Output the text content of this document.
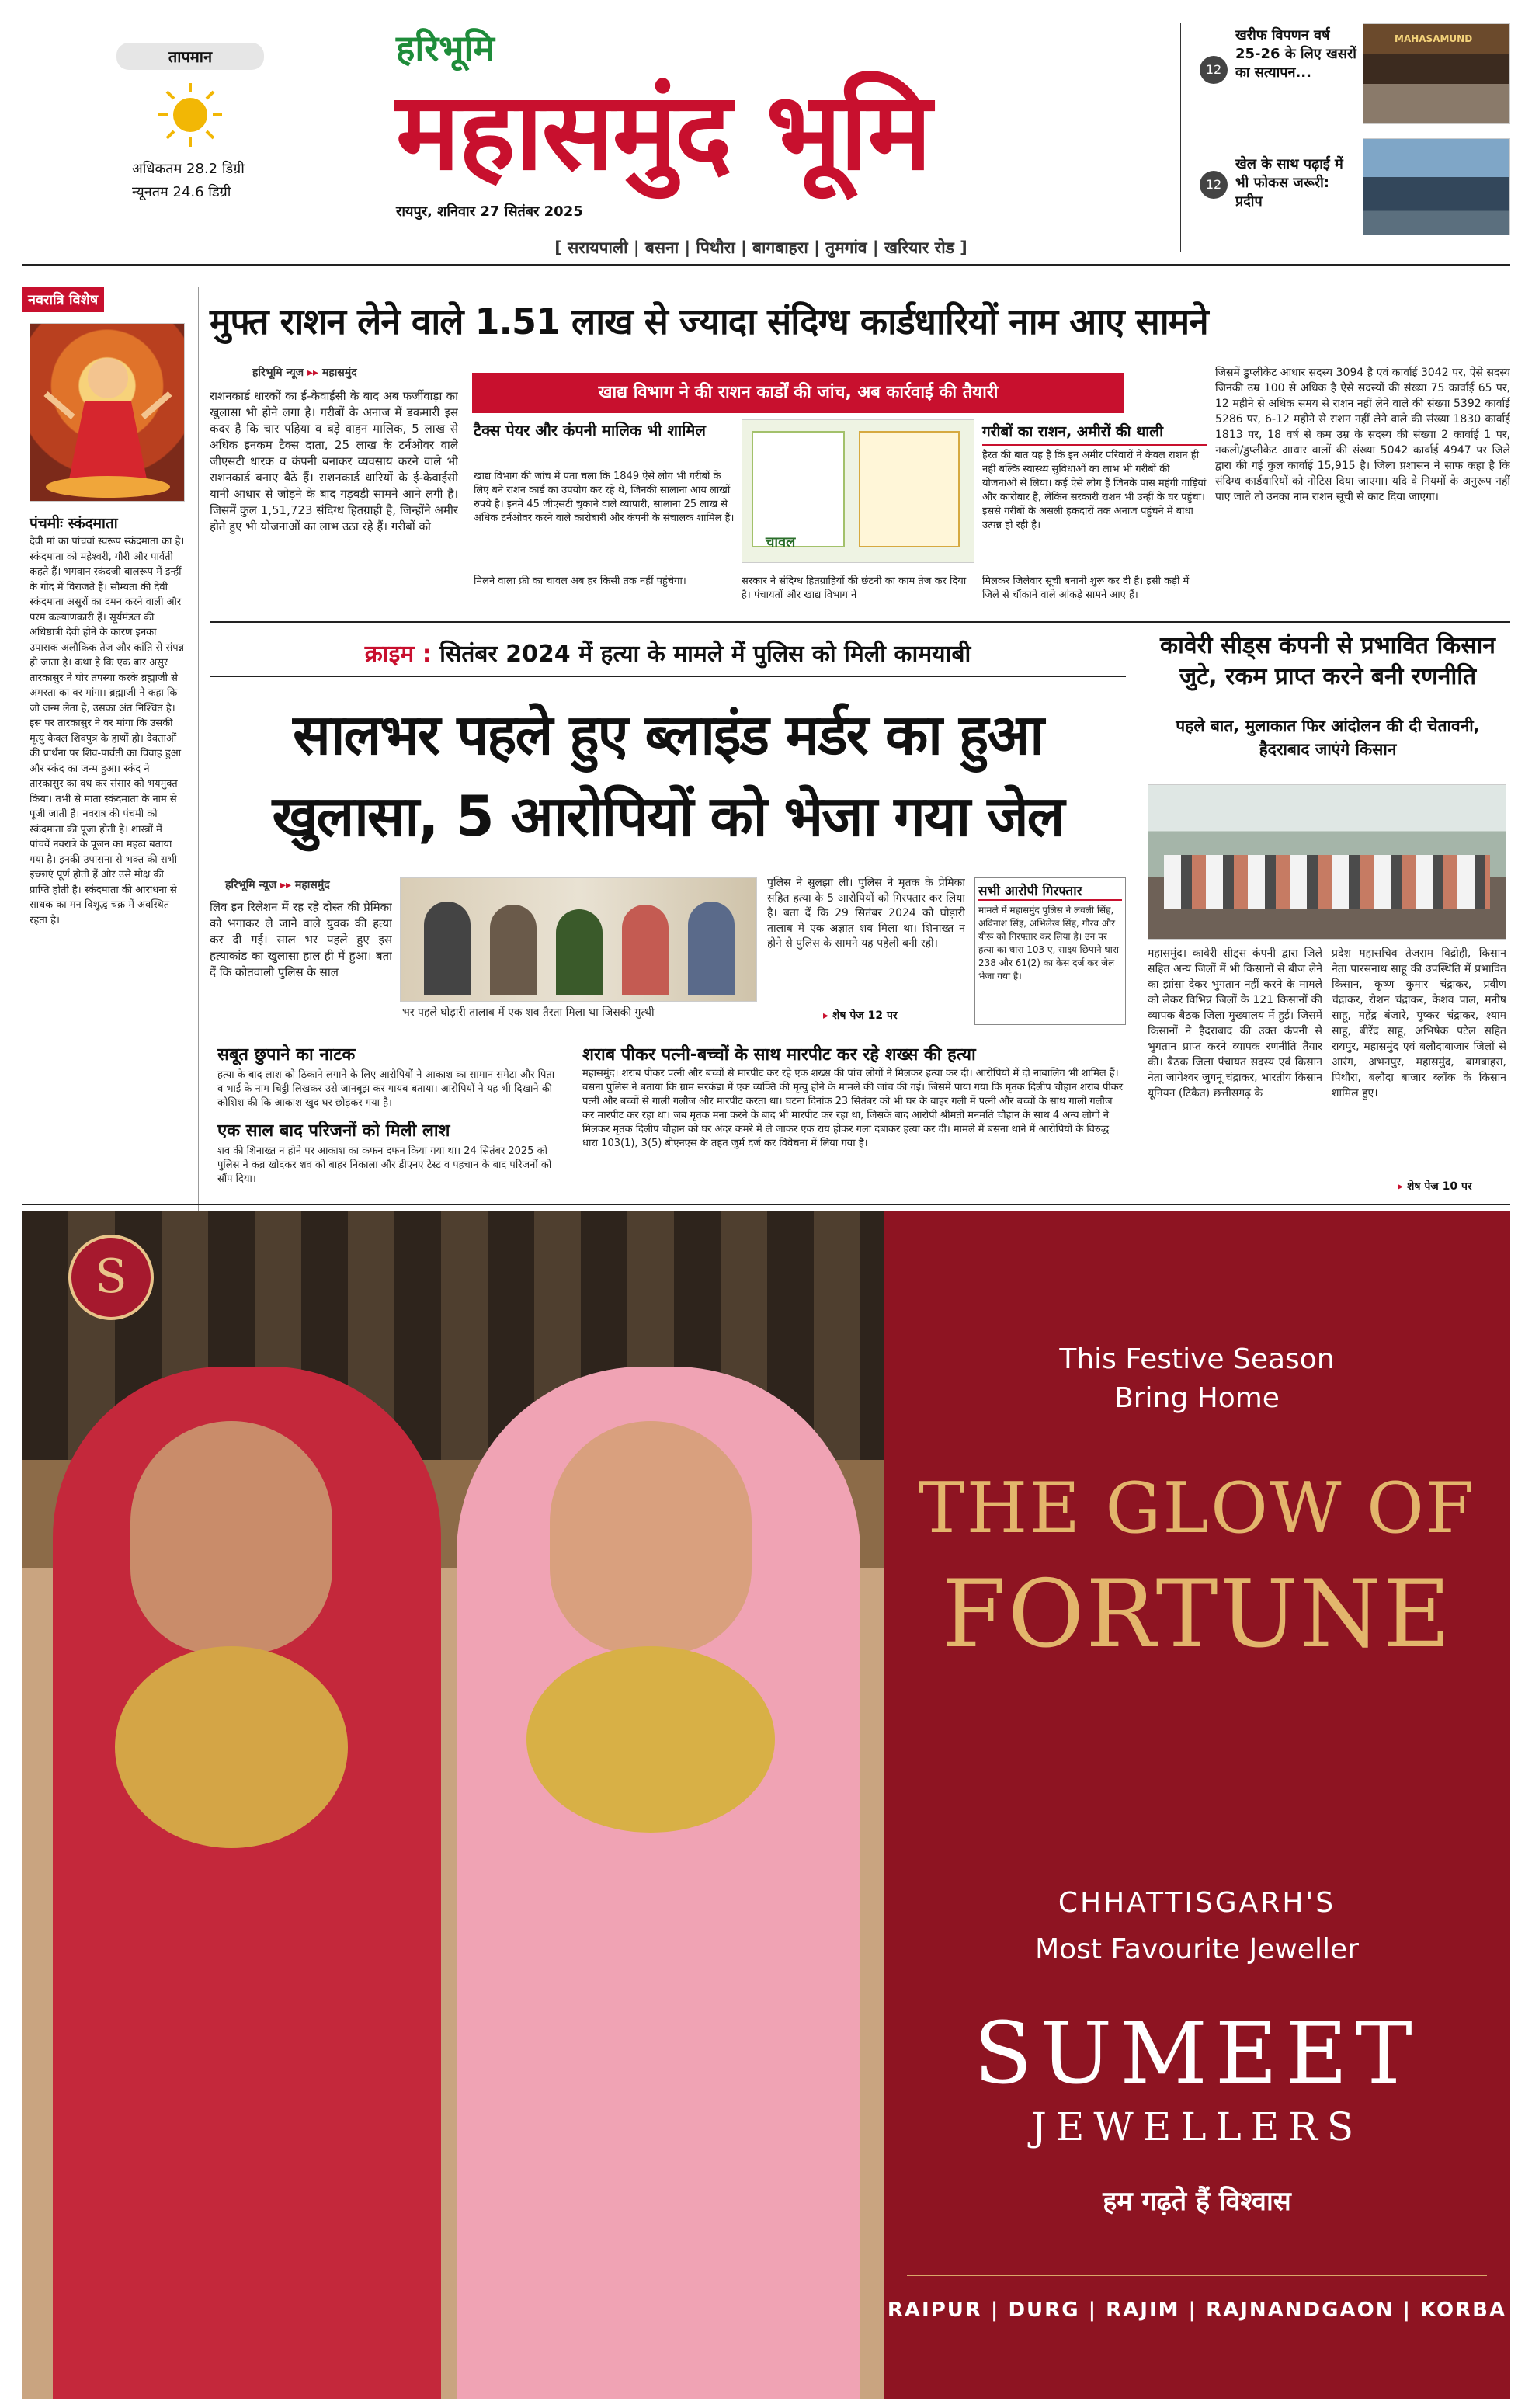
तापमान
अधिकतम 28.2 डिग्री
न्यूनतम 24.6 डिग्री
हरिभूमि
महासमुंद भूमि
रायपुर, शनिवार 27 सितंबर 2025
[ सरायपाली | बसना | पिथौरा | बागबाहरा | तुमगांव | खरियार रोड ]
12
खरीफ विपणन वर्ष 25-26 के लिए खसरों का सत्यापन...
MAHASAMUND
12
खेल के साथ पढ़ाई में भी फोकस जरूरी: प्रदीप
नवरात्रि विशेष
पंचमीः स्कंदमाता

देवी मां का पांचवां स्वरूप स्कंदमाता का है। स्कंदमाता को महेश्वरी, गौरी और पार्वती कहते हैं। भगवान स्कंदजी बालरूप में इन्हीं के गोद में विराजते हैं। सौम्यता की देवी स्कंदमाता असुरों का दमन करने वाली और परम कल्याणकारी हैं। सूर्यमंडल की अधिष्ठात्री देवी होने के कारण इनका उपासक अलौकिक तेज और कांति से संपन्न हो जाता है। कथा है कि एक बार असुर तारकासुर ने घोर तपस्या करके ब्रह्माजी से अमरता का वर मांगा। ब्रह्माजी ने कहा कि जो जन्म लेता है, उसका अंत निश्चित है। इस पर तारकासुर ने वर मांगा कि उसकी मृत्यु केवल शिवपुत्र के हाथों हो। देवताओं की प्रार्थना पर शिव-पार्वती का विवाह हुआ और स्कंद का जन्म हुआ। स्कंद ने तारकासुर का वध कर संसार को भयमुक्त किया। तभी से माता स्कंदमाता के नाम से पूजी जाती हैं। नवरात्र की पंचमी को स्कंदमाता की पूजा होती है। शास्त्रों में पांचवें नवरात्रे के पूजन का महत्व बताया गया है। इनकी उपासना से भक्त की सभी इच्छाएं पूर्ण होती हैं और उसे मोक्ष की प्राप्ति होती है। स्कंदमाता की आराधना से साधक का मन विशुद्ध चक्र में अवस्थित रहता है।

मुफ्त राशन लेने वाले 1.51 लाख से ज्यादा संदिग्ध कार्डधारियों नाम आए सामने
हरिभूमि न्यूज ▸▸ महासमुंद

राशनकार्ड धारकों का ई-केवाईसी के बाद अब फर्जीवाड़ा का खुलासा भी होने लगा है। गरीबों के अनाज में डकमारी इस कदर है कि चार पहिया व बड़े वाहन मालिक, 5 लाख से अधिक इनकम टैक्स दाता, 25 लाख के टर्नओवर वाले जीएसटी धारक व कंपनी बनाकर व्यवसाय करने वाले भी राशनकार्ड बनाए बैठे हैं। राशनकार्ड धारियों के ई-केवाईसी यानी आधार से जोड़ने के बाद गड़बड़ी सामने आने लगी है। जिसमें कुल 1,51,723 संदिग्ध हितग्राही है, जिन्होंने अमीर होते हुए भी योजनाओं का लाभ उठा रहे हैं। गरीबों को

खाद्य विभाग ने की राशन कार्डों की जांच, अब कार्रवाई की तैयारी
टैक्स पेयर और कंपनी मालिक भी शामिल

खाद्य विभाग की जांच में पता चला कि 1849 ऐसे लोग भी गरीबों के लिए बने राशन कार्ड का उपयोग कर रहे थे, जिनकी सालाना आय लाखों रुपये है। इनमें 45 जीएसटी चुकाने वाले व्यापारी, सालाना 25 लाख से अधिक टर्नओवर करने वाले कारोबारी और कंपनी के संचालक शामिल हैं।

चावल
गरीबों का राशन, अमीरों की थाली

हैरत की बात यह है कि इन अमीर परिवारों ने केवल राशन ही नहीं बल्कि स्वास्थ्य सुविधाओं का लाभ भी गरीबों की योजनाओं से लिया। कई ऐसे लोग हैं जिनके पास महंगी गाड़ियां और कारोबार हैं, लेकिन सरकारी राशन भी उन्हीं के घर पहुंचा। इससे गरीबों के असली हकदारों तक अनाज पहुंचने में बाधा उत्पन्न हो रही है।

मिलने वाला फ्री का चावल अब हर किसी तक नहीं पहुंचेगा।	सरकार ने संदिग्ध हितग्राहियों की छंटनी का काम तेज कर दिया है। पंचायतों और खाद्य विभाग ने

मिलकर जिलेवार सूची बनानी शुरू कर दी है। इसी कड़ी में जिले से चौंकाने वाले आंकड़े सामने आए हैं।

जिसमें डुप्लीकेट आधार सदस्य 3094 है एवं कार्वाई 3042 पर, ऐसे सदस्य जिनकी उम्र 100 से अधिक है ऐसे सदस्यों की संख्या 75 कार्वाई 65 पर, 12 महीने से अधिक समय से राशन नहीं लेने वाले की संख्या 5392 कार्वाई 5286 पर, 6-12 महीने से राशन नहीं लेने वाले की संख्या 1830 कार्वाई 1813 पर, 18 वर्ष से कम उम्र के सदस्य की संख्या 2 कार्वाई 1 पर, नकली/डुप्लीकेट आधार वालों की संख्या 5042 कार्वाई 4947 पर जिले द्वारा की गई कुल कार्वाई 15,915 है। जिला प्रशासन ने साफ कहा है कि संदिग्ध कार्डधारियों को नोटिस दिया जाएगा। यदि वे नियमों के अनुरूप नहीं पाए जाते तो उनका नाम राशन सूची से काट दिया जाएगा।

क्राइम : सितंबर 2024 में हत्या के मामले में पुलिस को मिली कामयाबी
सालभर पहले हुए ब्लाइंड मर्डर का हुआ
खुलासा, 5 आरोपियों को भेजा गया जेल
हरिभूमि न्यूज ▸▸ महासमुंद

लिव इन रिलेशन में रह रहे दोस्त की प्रेमिका को भगाकर ले जाने वाले युवक की हत्या कर दी गई। साल भर पहले हुए इस हत्याकांड का खुलासा हाल ही में हुआ। बता दें कि कोतवाली पुलिस के साल

भर पहले घोड़ारी तालाब में एक शव तैरता मिला था जिसकी गुत्थी

पुलिस ने सुलझा ली। पुलिस ने मृतक के प्रेमिका सहित हत्या के 5 आरोपियों को गिरफ्तार कर लिया है। बता दें कि 29 सितंबर 2024 को घोड़ारी तालाब में एक अज्ञात शव मिला था। शिनाख्त न होने से पुलिस के सामने यह पहेली बनी रही।

▸ शेष पेज 12 पर
सभी आरोपी गिरफ्तार

मामले में महासमुंद पुलिस ने लवली सिंह, अविनाश सिंह, अभिलेख सिंह, गौरव और यीरू को गिरफ्तार कर लिया है। उन पर हत्या का धारा 103 ए, साक्ष्य छिपाने धारा 238 और 61(2) का केस दर्ज कर जेल भेजा गया है।

सबूत छुपाने का नाटक

हत्या के बाद लाश को ठिकाने लगाने के लिए आरोपियों ने आकाश का सामान समेटा और पिता व भाई के नाम चिट्ठी लिखकर उसे जानबूझ कर गायब बताया। आरोपियों ने यह भी दिखाने की कोशिश की कि आकाश खुद घर छोड़कर गया है।

एक साल बाद परिजनों को मिली लाश

शव की शिनाख्त न होने पर आकाश का कफन दफन किया गया था। 24 सितंबर 2025 को पुलिस ने कब्र खोदकर शव को बाहर निकाला और डीएनए टेस्ट व पहचान के बाद परिजनों को सौंप दिया।

शराब पीकर पत्नी-बच्चों के साथ मारपीट कर रहे शख्स की हत्या

महासमुंद। शराब पीकर पत्नी और बच्चों से मारपीट कर रहे एक शख्स की पांच लोगों ने मिलकर हत्या कर दी। आरोपियों में दो नाबालिग भी शामिल हैं। बसना पुलिस ने बताया कि ग्राम सरकंडा में एक व्यक्ति की मृत्यु होने के मामले की जांच की गई। जिसमें पाया गया कि मृतक दिलीप चौहान शराब पीकर पत्नी और बच्चों से गाली गलौज और मारपीट करता था। घटना दिनांक 23 सितंबर को भी घर के बाहर गली में पत्नी और बच्चों के साथ गाली गलौज कर मारपीट कर रहा था। जब मृतक मना करने के बाद भी मारपीट कर रहा था, जिसके बाद आरोपी श्रीमती मनमति चौहान के साथ 4 अन्य लोगों ने मिलकर मृतक दिलीप चौहान को घर अंदर कमरे में ले जाकर एक राय होकर गला दबाकर हत्या कर दी। मामले में बसना थाने में आरोपियों के विरुद्ध धारा 103(1), 3(5) बीएनएस के तहत जुर्म दर्ज कर विवेचना में लिया गया है।

कावेरी सीड्स कंपनी से प्रभावित किसान जुटे, रकम प्राप्त करने बनी रणनीति
पहले बात, मुलाकात फिर आंदोलन की दी चेतावनी, हैदराबाद जाएंगे किसान

महासमुंद। कावेरी सीड्स कंपनी द्वारा जिले सहित अन्य जिलों में भी किसानों से बीज लेने का झांसा देकर भुगतान नहीं करने के मामले को लेकर विभिन्न जिलों के 121 किसानों की व्यापक बैठक जिला मुख्यालय में हुई। जिसमें किसानों ने हैदराबाद की उक्त कंपनी से भुगतान प्राप्त करने व्यापक रणनीति तैयार की। बैठक जिला पंचायत सदस्य एवं किसान नेता जागेश्वर जुगनू चंद्राकर, भारतीय किसान यूनियन (टिकैत) छत्तीसगढ़ के

प्रदेश महासचिव तेजराम विद्रोही, किसान नेता पारसनाथ साहू की उपस्थिति में प्रभावित किसान, कृष्ण कुमार चंद्राकर, प्रवीण चंद्राकर, रोशन चंद्राकर, केशव पाल, मनीष साहू, महेंद्र बंजारे, पुष्कर चंद्राकर, श्याम साहू, बीरेंद्र साहू, अभिषेक पटेल सहित रायपुर, महासमुंद एवं बलौदाबाजार जिलों से आरंग, अभनपुर, महासमुंद, बागबाहरा, पिथौरा, बलौदा बाजार ब्लॉक के किसान शामिल हुए।

▸ शेष पेज 10 पर
S
This Festive Season
Bring Home
THE GLOW OF
FORTUNE
CHHATTISGARH'S
Most Favourite Jeweller
SUMEET
JEWELLERS
हम गढ़ते हैं विश्वास
RAIPUR | DURG | RAJIM | RAJNANDGAON | KORBA
